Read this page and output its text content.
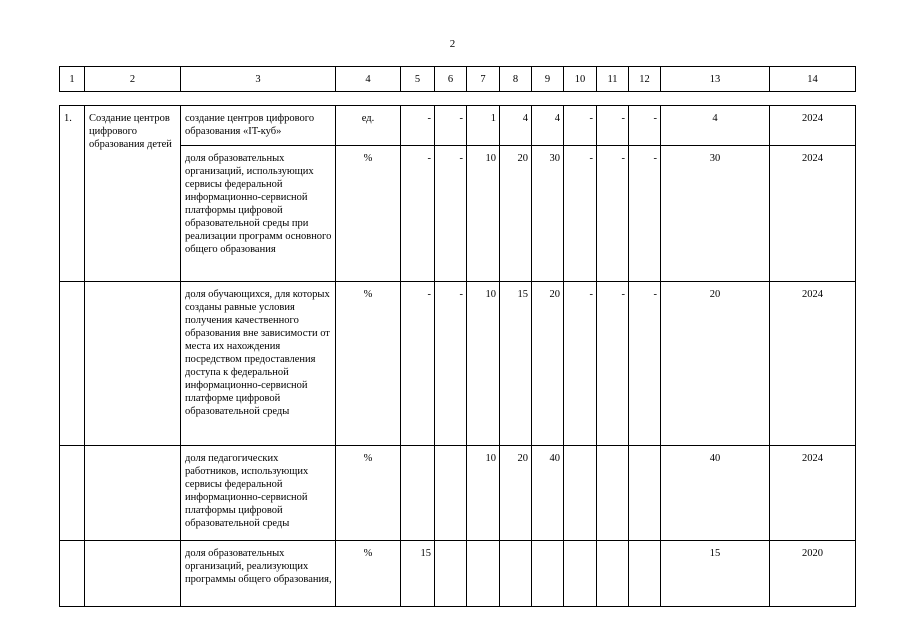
2
1	2	3	4	5	6	7	8	9	10	11	12	13	14
1.	Создание центров цифрового образования детей	создание центров цифрового образования «IT-куб»	ед.	-	-	1	4	4	-	-	-	4	2024
		доля образовательных организаций, использующих сервисы федеральной информационно-сервисной платформы цифровой образовательной среды при реализации программ основного общего образования	%	-	-	10	20	30	-	-	-	30	2024
		доля обучающихся, для которых созданы равные условия получения качественного образования вне зависимости от места их нахождения посредством предоставления доступа к федеральной информационно-сервисной платформе цифровой образовательной среды	%	-	-	10	15	20	-	-	-	20	2024
		доля педагогических работников, использующих сервисы федеральной информационно-сервисной платформы цифровой образовательной среды	%			10	20	40				40	2024
		доля образовательных организаций, реализующих программы общего образования,	%	15								15	2020
